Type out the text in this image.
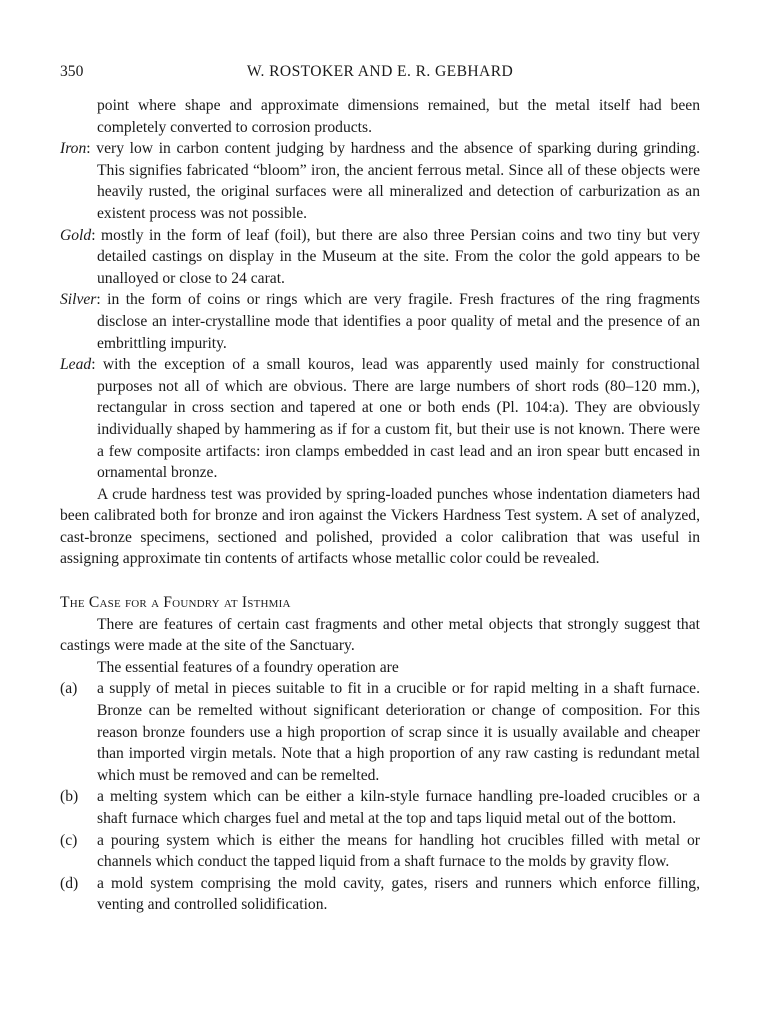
350	W. ROSTOKER AND E. R. GEBHARD

point where shape and approximate dimensions remained, but the metal itself had been completely converted to corrosion products.

Iron: very low in carbon content judging by hardness and the absence of sparking during grinding. This signifies fabricated “bloom” iron, the ancient ferrous metal. Since all of these objects were heavily rusted, the original surfaces were all mineralized and detection of carburization as an existent process was not possible.

Gold: mostly in the form of leaf (foil), but there are also three Persian coins and two tiny but very detailed castings on display in the Museum at the site. From the color the gold appears to be unalloyed or close to 24 carat.

Silver: in the form of coins or rings which are very fragile. Fresh fractures of the ring fragments disclose an inter-crystalline mode that identifies a poor quality of metal and the presence of an embrittling impurity.

Lead: with the exception of a small kouros, lead was apparently used mainly for constructional purposes not all of which are obvious. There are large numbers of short rods (80–120 mm.), rectangular in cross section and tapered at one or both ends (Pl. 104:a). They are obviously individually shaped by hammering as if for a custom fit, but their use is not known. There were a few composite artifacts: iron clamps embedded in cast lead and an iron spear butt encased in ornamental bronze.

A crude hardness test was provided by spring-loaded punches whose indentation diameters had been calibrated both for bronze and iron against the Vickers Hardness Test system. A set of analyzed, cast-bronze specimens, sectioned and polished, provided a color calibration that was useful in assigning approximate tin contents of artifacts whose metallic color could be revealed.

The Case for a Foundry at Isthmia

There are features of certain cast fragments and other metal objects that strongly suggest that castings were made at the site of the Sanctuary.

The essential features of a foundry operation are

(a) a supply of metal in pieces suitable to fit in a crucible or for rapid melting in a shaft furnace. Bronze can be remelted without significant deterioration or change of composition. For this reason bronze founders use a high proportion of scrap since it is usually available and cheaper than imported virgin metals. Note that a high proportion of any raw casting is redundant metal which must be removed and can be remelted.
(b) a melting system which can be either a kiln-style furnace handling pre-loaded crucibles or a shaft furnace which charges fuel and metal at the top and taps liquid metal out of the bottom.
(c) a pouring system which is either the means for handling hot crucibles filled with metal or channels which conduct the tapped liquid from a shaft furnace to the molds by gravity flow.
(d) a mold system comprising the mold cavity, gates, risers and runners which enforce filling, venting and controlled solidification.
